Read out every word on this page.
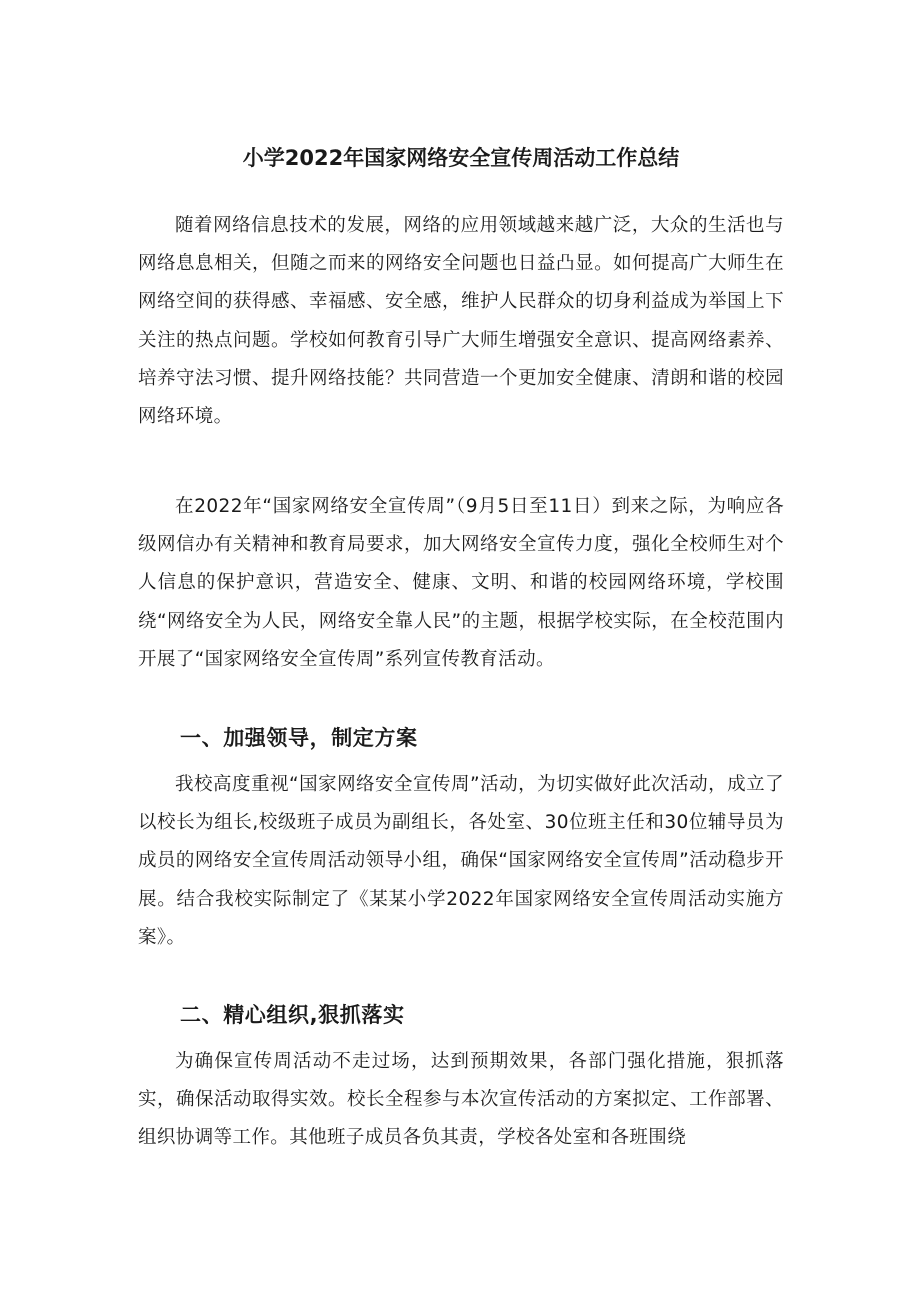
小学2022年国家网络安全宣传周活动工作总结

随着网络信息技术的发展，网络的应用领域越来越广泛，大众的生活也与网络息息相关，但随之而来的网络安全问题也日益凸显。如何提高广大师生在网络空间的获得感、幸福感、安全感，维护人民群众的切身利益成为举国上下关注的热点问题。学校如何教育引导广大师生增强安全意识、提高网络素养、培养守法习惯、提升网络技能？共同营造一个更加安全健康、清朗和谐的校园网络环境。

在2022年“国家网络安全宣传周”（9月5日至11日）到来之际，为响应各级网信办有关精神和教育局要求，加大网络安全宣传力度，强化全校师生对个人信息的保护意识，营造安全、健康、文明、和谐的校园网络环境，学校围绕“网络安全为人民，网络安全靠人民”的主题，根据学校实际，在全校范围内开展了“国家网络安全宣传周”系列宣传教育活动。

一、加强领导，制定方案

我校高度重视“国家网络安全宣传周”活动，为切实做好此次活动，成立了以校长为组长,校级班子成员为副组长，各处室、30位班主任和30位辅导员为成员的网络安全宣传周活动领导小组，确保“国家网络安全宣传周”活动稳步开展。结合我校实际制定了《某某小学2022年国家网络安全宣传周活动实施方案》。

二、精心组织,狠抓落实

为确保宣传周活动不走过场，达到预期效果，各部门强化措施，狠抓落实，确保活动取得实效。校长全程参与本次宣传活动的方案拟定、工作部署、组织协调等工作。其他班子成员各负其责，学校各处室和各班围绕
